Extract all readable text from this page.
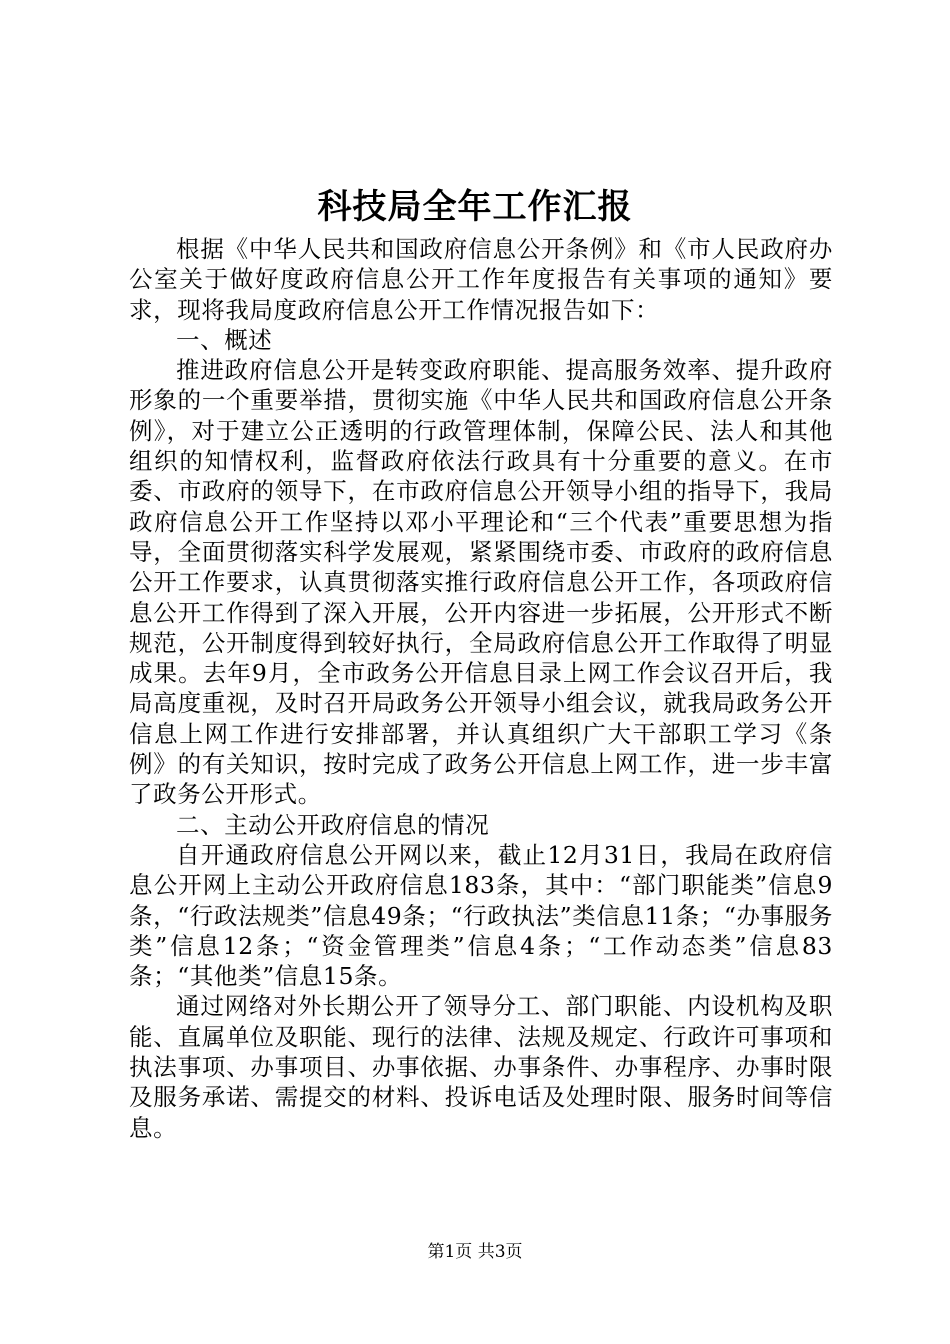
科技局全年工作汇报

根据《中华人民共和国政府信息公开条例》和《市人民政府办公室关于做好度政府信息公开工作年度报告有关事项的通知》要求，现将我局度政府信息公开工作情况报告如下：

一、概述

推进政府信息公开是转变政府职能、提高服务效率、提升政府形象的一个重要举措，贯彻实施《中华人民共和国政府信息公开条例》，对于建立公正透明的行政管理体制，保障公民、法人和其他组织的知情权利，监督政府依法行政具有十分重要的意义。在市委、市政府的领导下，在市政府信息公开领导小组的指导下，我局政府信息公开工作坚持以邓小平理论和“三个代表”重要思想为指导，全面贯彻落实科学发展观，紧紧围绕市委、市政府的政府信息公开工作要求，认真贯彻落实推行政府信息公开工作，各项政府信息公开工作得到了深入开展，公开内容进一步拓展，公开形式不断规范，公开制度得到较好执行，全局政府信息公开工作取得了明显成果。去年9月，全市政务公开信息目录上网工作会议召开后，我局高度重视，及时召开局政务公开领导小组会议，就我局政务公开信息上网工作进行安排部署，并认真组织广大干部职工学习《条例》的有关知识，按时完成了政务公开信息上网工作，进一步丰富了政务公开形式。

二、主动公开政府信息的情况

自开通政府信息公开网以来，截止12月31日，我局在政府信息公开网上主动公开政府信息183条，其中：“部门职能类”信息9条，“行政法规类”信息49条；“行政执法”类信息11条；“办事服务类”信息12条；“资金管理类”信息4条；“工作动态类”信息83条；“其他类”信息15条。

通过网络对外长期公开了领导分工、部门职能、内设机构及职能、直属单位及职能、现行的法律、法规及规定、行政许可事项和执法事项、办事项目、办事依据、办事条件、办事程序、办事时限及服务承诺、需提交的材料、投诉电话及处理时限、服务时间等信息。

第1页 共3页
